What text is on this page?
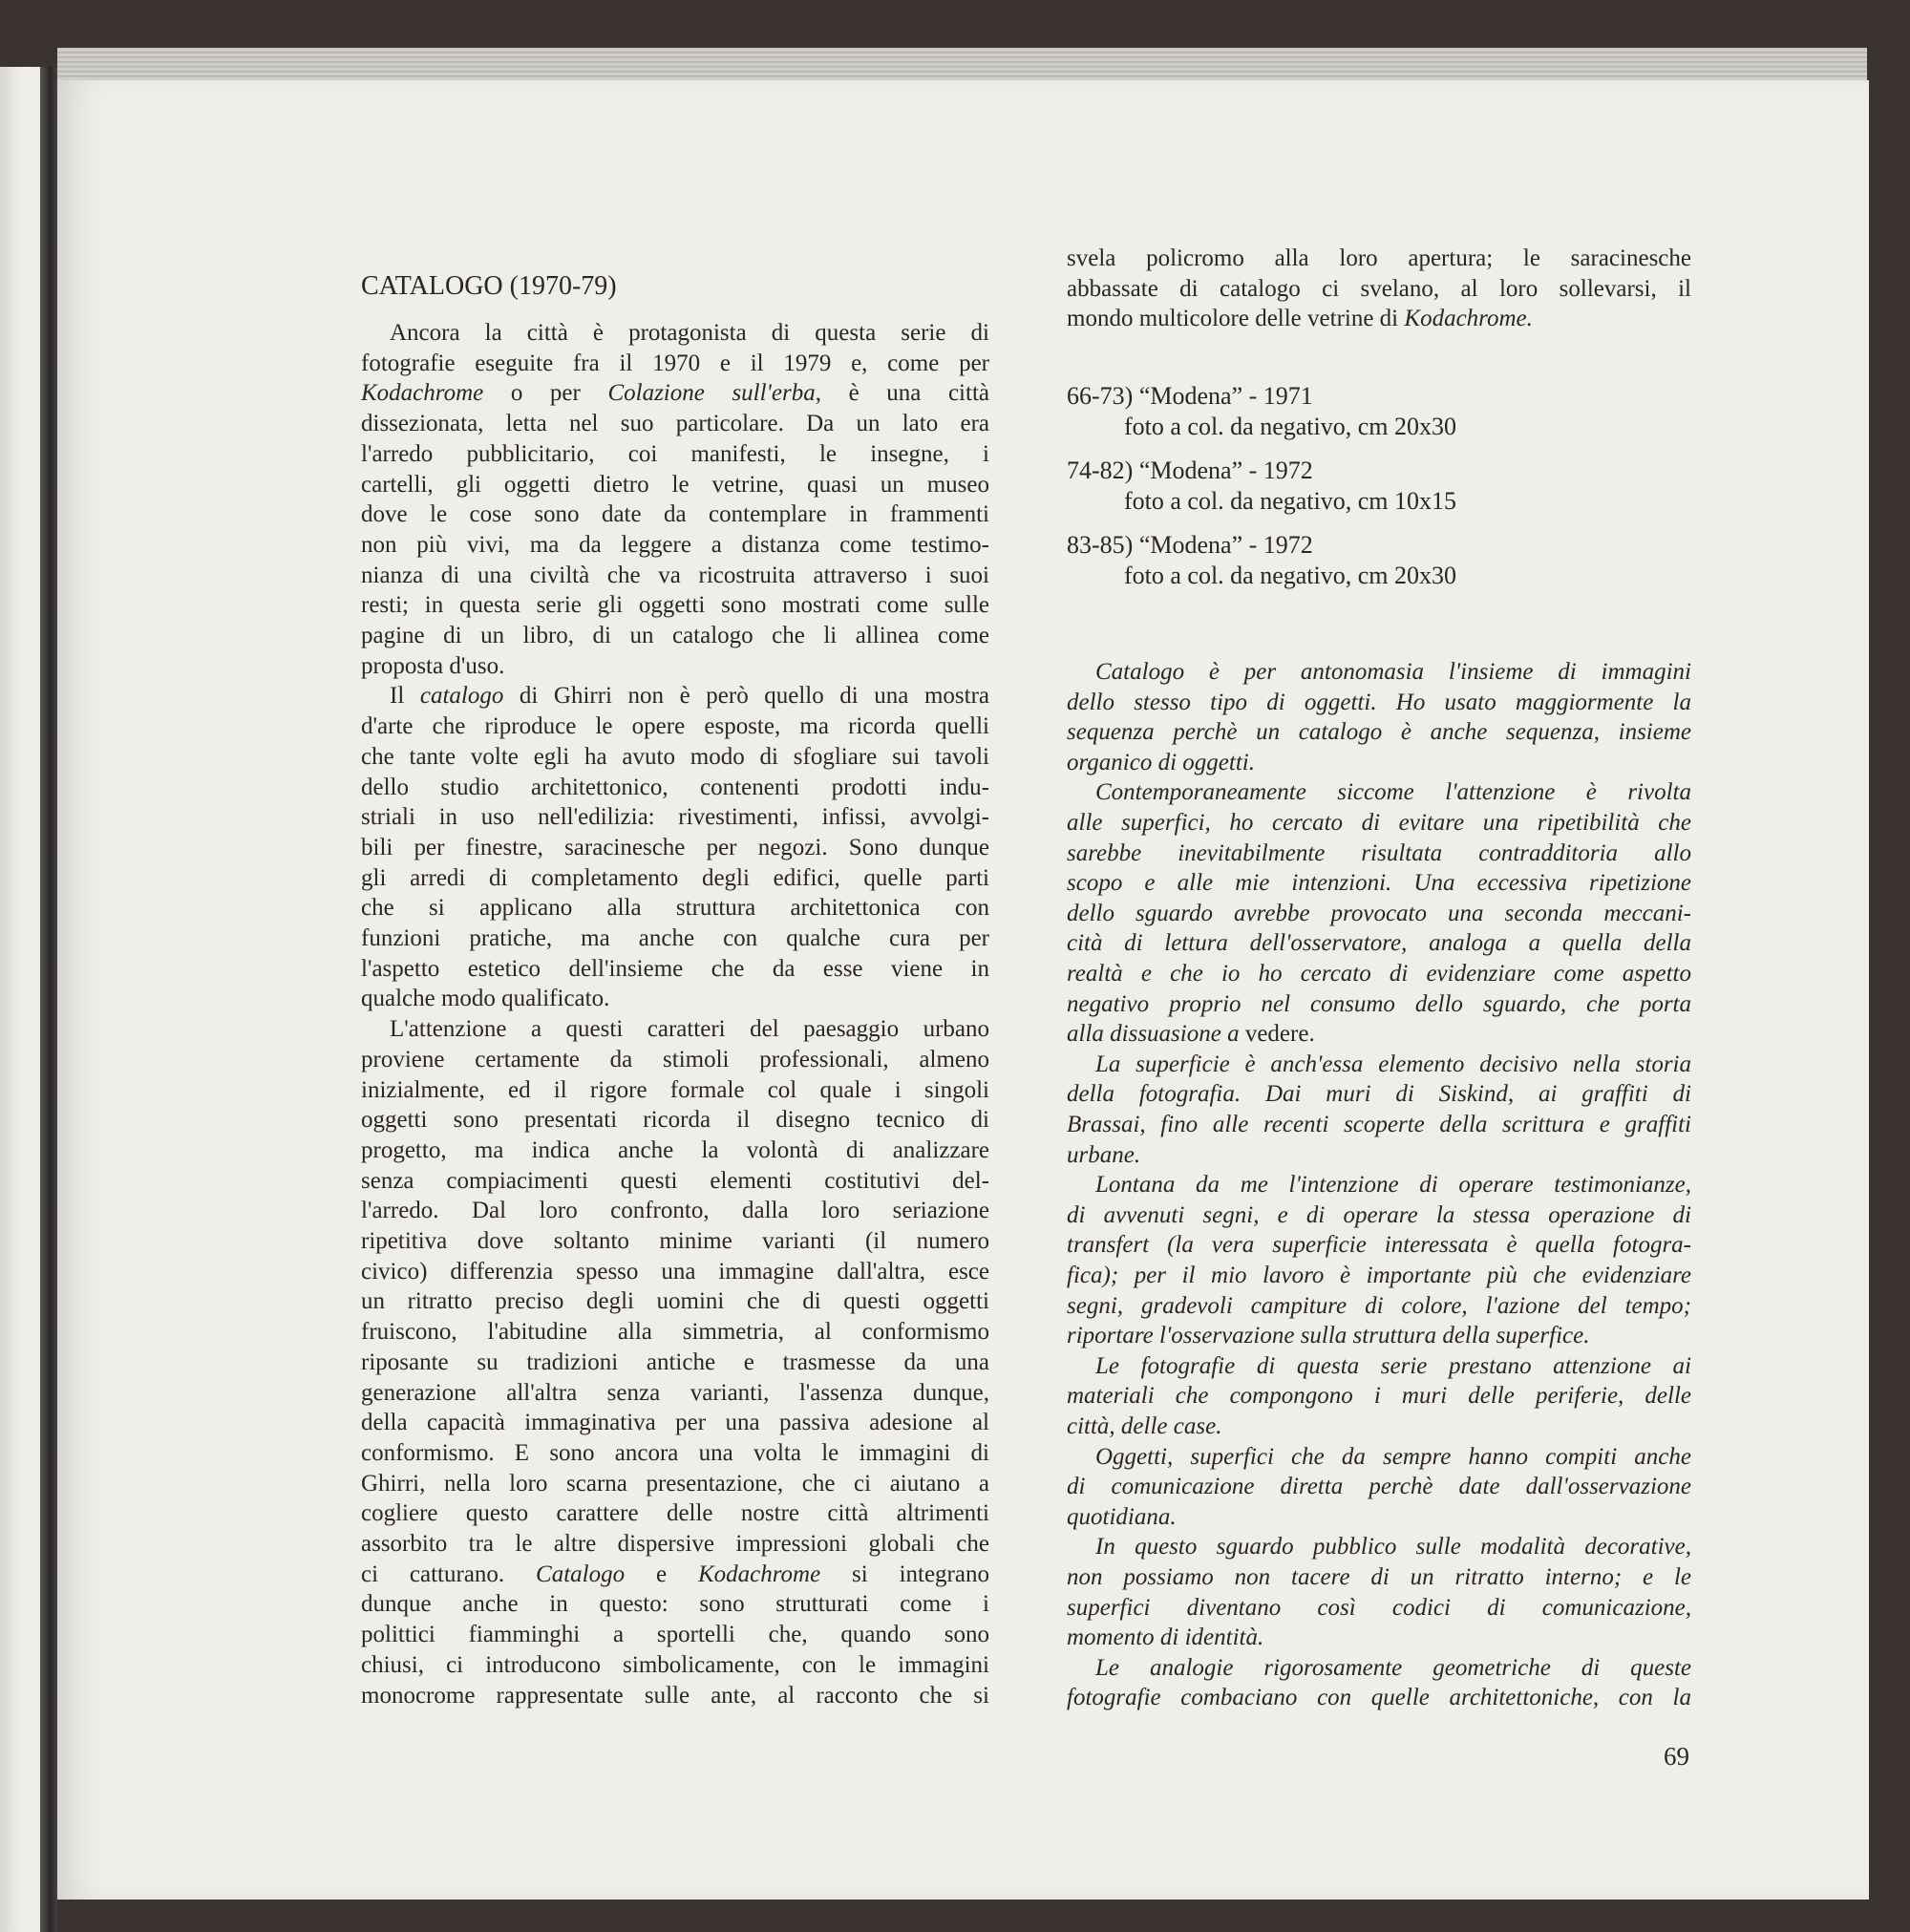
CATALOGO (1970-79)
Ancora la città è protagonista di questa serie di
fotografie eseguite fra il 1970 e il 1979 e, come per
Kodachrome o per Colazione sull'erba, è una città
dissezionata, letta nel suo particolare. Da un lato era
l'arredo pubblicitario, coi manifesti, le insegne, i
cartelli, gli oggetti dietro le vetrine, quasi un museo
dove le cose sono date da contemplare in frammenti
non più vivi, ma da leggere a distanza come testimo-
nianza di una civiltà che va ricostruita attraverso i suoi
resti; in questa serie gli oggetti sono mostrati come sulle
pagine di un libro, di un catalogo che li allinea come
proposta d'uso.
Il catalogo di Ghirri non è però quello di una mostra
d'arte che riproduce le opere esposte, ma ricorda quelli
che tante volte egli ha avuto modo di sfogliare sui tavoli
dello studio architettonico, contenenti prodotti indu-
striali in uso nell'edilizia: rivestimenti, infissi, avvolgi-
bili per finestre, saracinesche per negozi. Sono dunque
gli arredi di completamento degli edifici, quelle parti
che si applicano alla struttura architettonica con
funzioni pratiche, ma anche con qualche cura per
l'aspetto estetico dell'insieme che da esse viene in
qualche modo qualificato.
L'attenzione a questi caratteri del paesaggio urbano
proviene certamente da stimoli professionali, almeno
inizialmente, ed il rigore formale col quale i singoli
oggetti sono presentati ricorda il disegno tecnico di
progetto, ma indica anche la volontà di analizzare
senza compiacimenti questi elementi costitutivi del-
l'arredo. Dal loro confronto, dalla loro seriazione
ripetitiva dove soltanto minime varianti (il numero
civico) differenzia spesso una immagine dall'altra, esce
un ritratto preciso degli uomini che di questi oggetti
fruiscono, l'abitudine alla simmetria, al conformismo
riposante su tradizioni antiche e trasmesse da una
generazione all'altra senza varianti, l'assenza dunque,
della capacità immaginativa per una passiva adesione al
conformismo. E sono ancora una volta le immagini di
Ghirri, nella loro scarna presentazione, che ci aiutano a
cogliere questo carattere delle nostre città altrimenti
assorbito tra le altre dispersive impressioni globali che
ci catturano. Catalogo e Kodachrome si integrano
dunque anche in questo: sono strutturati come i
polittici fiamminghi a sportelli che, quando sono
chiusi, ci introducono simbolicamente, con le immagini
monocrome rappresentate sulle ante, al racconto che si
svela policromo alla loro apertura; le saracinesche
abbassate di catalogo ci svelano, al loro sollevarsi, il
mondo multicolore delle vetrine di Kodachrome.
66-73) “Modena” - 1971
foto a col. da negativo, cm 20x30
74-82) “Modena” - 1972
foto a col. da negativo, cm 10x15
83-85) “Modena” - 1972
foto a col. da negativo, cm 20x30
Catalogo è per antonomasia l'insieme di immagini
dello stesso tipo di oggetti. Ho usato maggiormente la
sequenza perchè un catalogo è anche sequenza, insieme
organico di oggetti.
Contemporaneamente siccome l'attenzione è rivolta
alle superfici, ho cercato di evitare una ripetibilità che
sarebbe inevitabilmente risultata contradditoria allo
scopo e alle mie intenzioni. Una eccessiva ripetizione
dello sguardo avrebbe provocato una seconda meccani-
cità di lettura dell'osservatore, analoga a quella della
realtà e che io ho cercato di evidenziare come aspetto
negativo proprio nel consumo dello sguardo, che porta
alla dissuasione a vedere.
La superficie è anch'essa elemento decisivo nella storia
della fotografia. Dai muri di Siskind, ai graffiti di
Brassai, fino alle recenti scoperte della scrittura e graffiti
urbane.
Lontana da me l'intenzione di operare testimonianze,
di avvenuti segni, e di operare la stessa operazione di
transfert (la vera superficie interessata è quella fotogra-
fica); per il mio lavoro è importante più che evidenziare
segni, gradevoli campiture di colore, l'azione del tempo;
riportare l'osservazione sulla struttura della superfice.
Le fotografie di questa serie prestano attenzione ai
materiali che compongono i muri delle periferie, delle
città, delle case.
Oggetti, superfici che da sempre hanno compiti anche
di comunicazione diretta perchè date dall'osservazione
quotidiana.
In questo sguardo pubblico sulle modalità decorative,
non possiamo non tacere di un ritratto interno; e le
superfici diventano così codici di comunicazione,
momento di identità.
Le analogie rigorosamente geometriche di queste
fotografie combaciano con quelle architettoniche, con la
69
